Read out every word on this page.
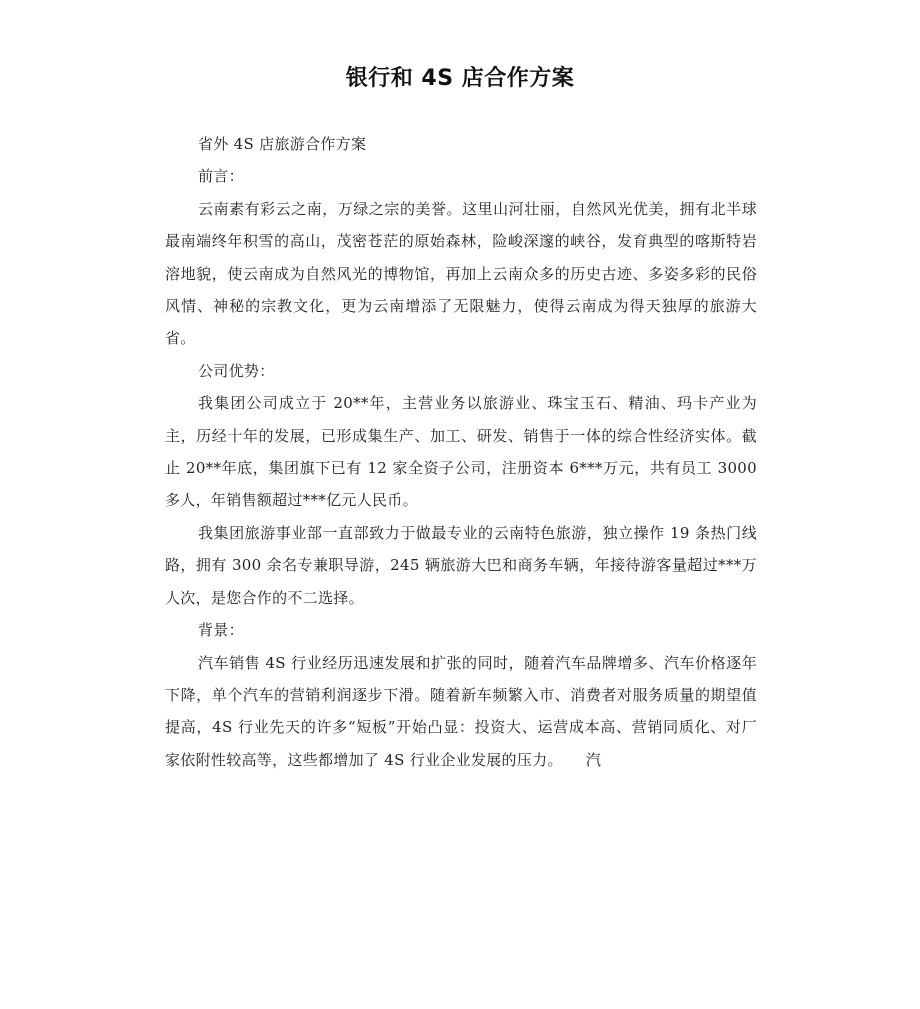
银行和 4S 店合作方案

省外 4S 店旅游合作方案

前言：

云南素有彩云之南，万绿之宗的美誉。这里山河壮丽，自然风光优美，拥有北半球最南端终年积雪的高山，茂密苍茫的原始森林，险峻深邃的峡谷，发育典型的喀斯特岩溶地貌，使云南成为自然风光的博物馆，再加上云南众多的历史古迹、多姿多彩的民俗风情、神秘的宗教文化，更为云南增添了无限魅力，使得云南成为得天独厚的旅游大省。

公司优势：

我集团公司成立于 20**年，主营业务以旅游业、珠宝玉石、精油、玛卡产业为主，历经十年的发展，已形成集生产、加工、研发、销售于一体的综合性经济实体。截止 20**年底，集团旗下已有 12 家全资子公司，注册资本 6***万元，共有员工 3000 多人，年销售额超过***亿元人民币。

我集团旅游事业部一直部致力于做最专业的云南特色旅游，独立操作 19 条热门线路，拥有 300 余名专兼职导游，245 辆旅游大巴和商务车辆，年接待游客量超过***万人次，是您合作的不二选择。

背景：

汽车销售 4S 行业经历迅速发展和扩张的同时，随着汽车品牌增多、汽车价格逐年下降，单个汽车的营销利润逐步下滑。随着新车频繁入市、消费者对服务质量的期望值提高，4S 行业先天的许多“短板”开始凸显：投资大、运营成本高、营销同质化、对厂家依附性较高等，这些都增加了 4S 行业企业发展的压力。　　汽
